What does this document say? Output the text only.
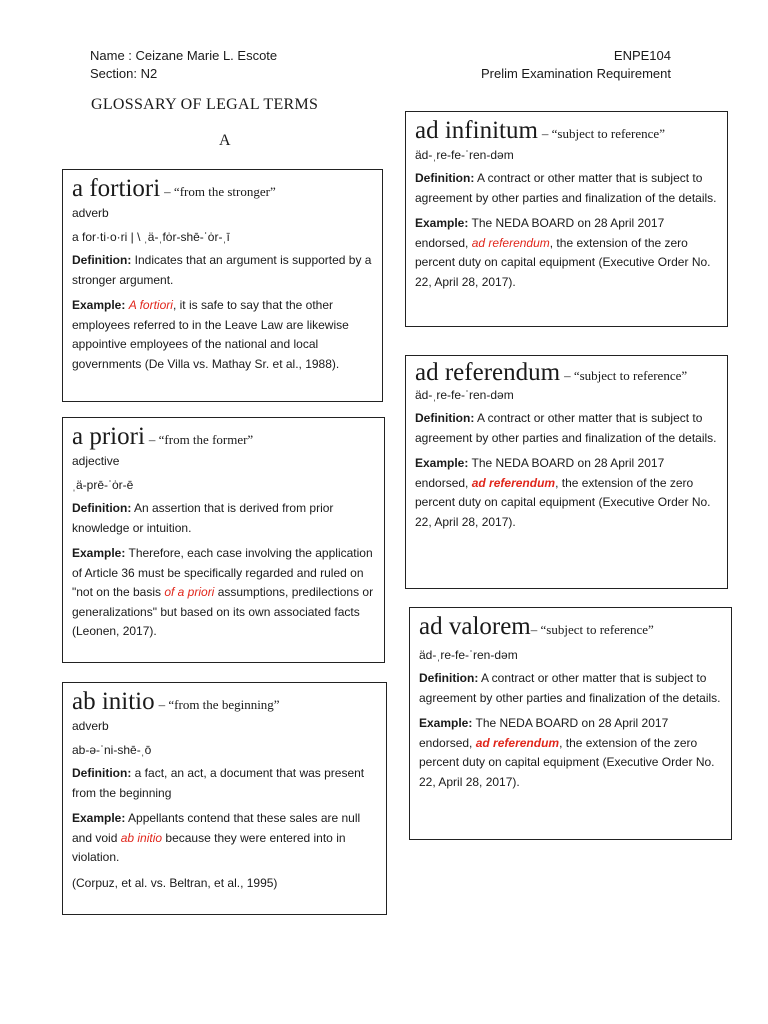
Name : Ceizane Marie L. Escote
Section: N2
ENPE104
Prelim Examination Requirement
GLOSSARY OF LEGAL TERMS
A
a fortiori – “from the stronger”
adverb
a for·ti·o·ri | \ ˌä-ˌfȯr-shē-ˈȯr-ˌī
Definition: Indicates that an argument is supported by a stronger argument.
Example: A fortiori, it is safe to say that the other employees referred to in the Leave Law are likewise appointive employees of the national and local governments (De Villa vs. Mathay Sr. et al., 1988).
a priori – “from the former”
adjective
ˌä-prē-ˈȯr-ē
Definition: An assertion that is derived from prior knowledge or intuition.
Example: Therefore, each case involving the application of Article 36 must be specifically regarded and ruled on "not on the basis of a priori assumptions, predilections or generalizations" but based on its own associated facts (Leonen, 2017).
ab initio – “from the beginning”
adverb
ab-ə-ˈni-shē-ˌō
Definition: a fact, an act, a document that was present from the beginning
Example: Appellants contend that these sales are null and void ab initio because they were entered into in violation.
(Corpuz, et al. vs. Beltran, et al., 1995)
ad infinitum – “subject to reference”
äd-ˌre-fe-ˈren-dəm
Definition: A contract or other matter that is subject to agreement by other parties and finalization of the details.
Example: The NEDA BOARD on 28 April 2017 endorsed, ad referendum, the extension of the zero percent duty on capital equipment (Executive Order No. 22, April 28, 2017).
ad referendum – “subject to reference”
äd-ˌre-fe-ˈren-dəm
Definition: A contract or other matter that is subject to agreement by other parties and finalization of the details.
Example: The NEDA BOARD on 28 April 2017 endorsed, ad referendum, the extension of the zero percent duty on capital equipment (Executive Order No. 22, April 28, 2017).
ad valorem– “subject to reference”
äd-ˌre-fe-ˈren-dəm
Definition: A contract or other matter that is subject to agreement by other parties and finalization of the details.
Example: The NEDA BOARD on 28 April 2017 endorsed, ad referendum, the extension of the zero percent duty on capital equipment (Executive Order No. 22, April 28, 2017).
